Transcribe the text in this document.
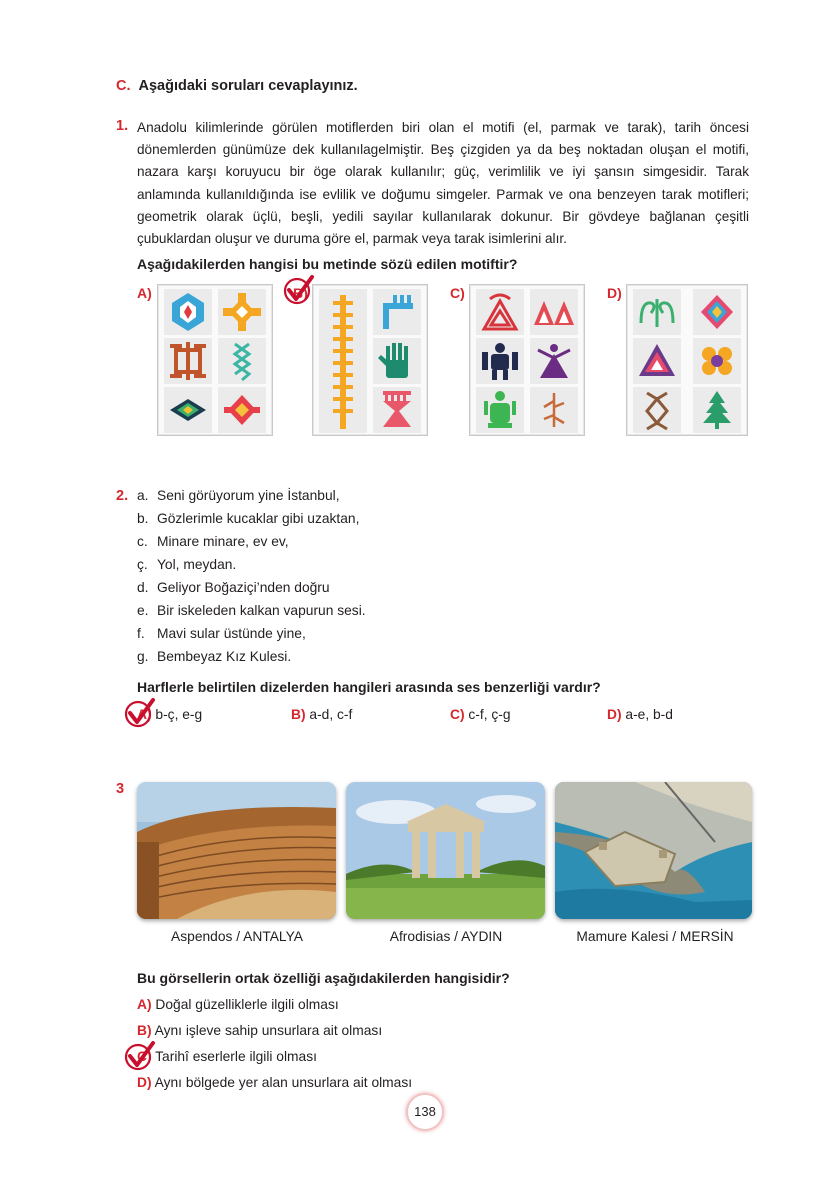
C. Aşağıdaki soruları cevaplayınız.
1. Anadolu kilimlerinde görülen motiflerden biri olan el motifi (el, parmak ve tarak), tarih öncesi dönemlerden günümüze dek kullanılagelmiştir. Beş çizgiden ya da beş noktadan oluşan el motifi, nazara karşı koruyucu bir öge olarak kullanılır; güç, verimlilik ve iyi şansın simgesidir. Tarak anlamında kullanıldığında ise evlilik ve doğumu simgeler. Parmak ve ona benzeyen tarak motifleri; geometrik olarak üçlü, beşli, yedili sayılar kullanılarak dokunur. Bir gövdeye bağlanan çeşitli çubuklardan oluşur ve duruma göre el, parmak veya tarak isimlerini alır.
Aşağıdakilerden hangisi bu metinde sözü edilen motiftir?
A)	B)	C)	D)
2. a. Seni görüyorum yine İstanbul,
b. Gözlerimle kucaklar gibi uzaktan,
c. Minare minare, ev ev,
ç. Yol, meydan.
d. Geliyor Boğaziçi’nden doğru
e. Bir iskeleden kalkan vapurun sesi.
f. Mavi sular üstünde yine,
g. Bembeyaz Kız Kulesi.
Harflerle belirtilen dizelerden hangileri arasında ses benzerliği vardır?
A) b-ç, e-g	B) a-d, c-f	C) c-f, ç-g	D) a-e, b-d
3
Aspendos / ANTALYA	Afrodisias / AYDIN	Mamure Kalesi / MERSİN
Bu görsellerin ortak özelliği aşağıdakilerden hangisidir?
A) Doğal güzelliklerle ilgili olması
B) Aynı işleve sahip unsurlara ait olması
C) Tarihî eserlerle ilgili olması
D) Aynı bölgede yer alan unsurlara ait olması
138
